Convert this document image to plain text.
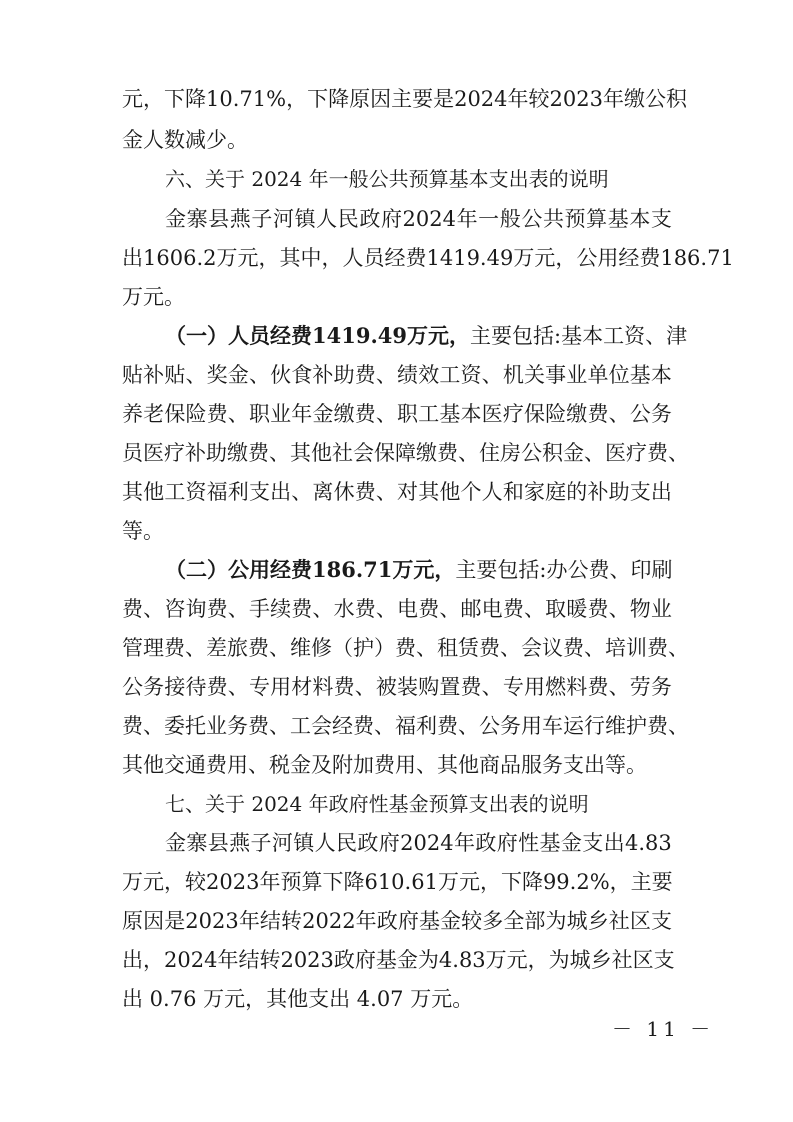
元 ， 下 降 10.71% ， 下 降 原 因 主 要 是 2024 年 较 2023 年 缴 公 积
金人数减少。
六、关于 2024 年一般公共预算基本支出表的说明
金 寨 县 燕 子 河 镇 人 民 政 府 2024 年 一 般 公 共 预 算 基 本 支
出 1606.2 万 元 ， 其 中 ， 人 员 经 费 1419.49 万 元 ， 公 用 经 费 186.71
万元。
（ 一 ） 人 员 经 费 1419.49 万 元 ， 主 要 包 括 : 基 本 工 资 、 津
贴 补 贴 、 奖 金 、 伙 食 补 助 费 、 绩 效 工 资 、 机 关 事 业 单 位 基 本
养 老 保 险 费 、 职 业 年 金 缴 费 、 职 工 基 本 医 疗 保 险 缴 费 、 公 务
员 医 疗 补 助 缴 费 、 其 他 社 会 保 障 缴 费 、 住 房 公 积 金 、 医 疗 费 、
其 他 工 资 福 利 支 出 、 离 休 费 、 对 其 他 个 人 和 家 庭 的 补 助 支 出
等。
（ 二 ） 公 用 经 费 186.71 万 元 ， 主 要 包 括 : 办 公 费 、 印 刷
费 、 咨 询 费 、 手 续 费 、 水 费 、 电 费 、 邮 电 费 、 取 暖 费 、 物 业
管 理 费 、 差 旅 费 、 维 修 （ 护 ） 费 、 租 赁 费 、 会 议 费 、 培 训 费 、
公 务 接 待 费 、 专 用 材 料 费 、 被 装 购 置 费 、 专 用 燃 料 费 、 劳 务
费 、 委 托 业 务 费 、 工 会 经 费 、 福 利 费 、 公 务 用 车 运 行 维 护 费 、
其他交通费用、税金及附加费用、其他商品服务支出等。
七、关于 2024 年政府性基金预算支出表的说明
金 寨 县 燕 子 河 镇 人 民 政 府 2024 年 政 府 性 基 金 支 出 4.83
万 元 ， 较 2023 年 预 算 下 降 610.61 万 元 ， 下 降 99.2% ， 主 要
原 因 是 2023 年 结 转 2022 年 政 府 基 金 较 多 全 部 为 城 乡 社 区 支
出 ， 2024 年 结 转 2023 政 府 基 金 为 4.83 万 元 ， 为 城 乡 社 区 支
出 0.76 万元，其他支出 4.07 万元。
－ 11 －
